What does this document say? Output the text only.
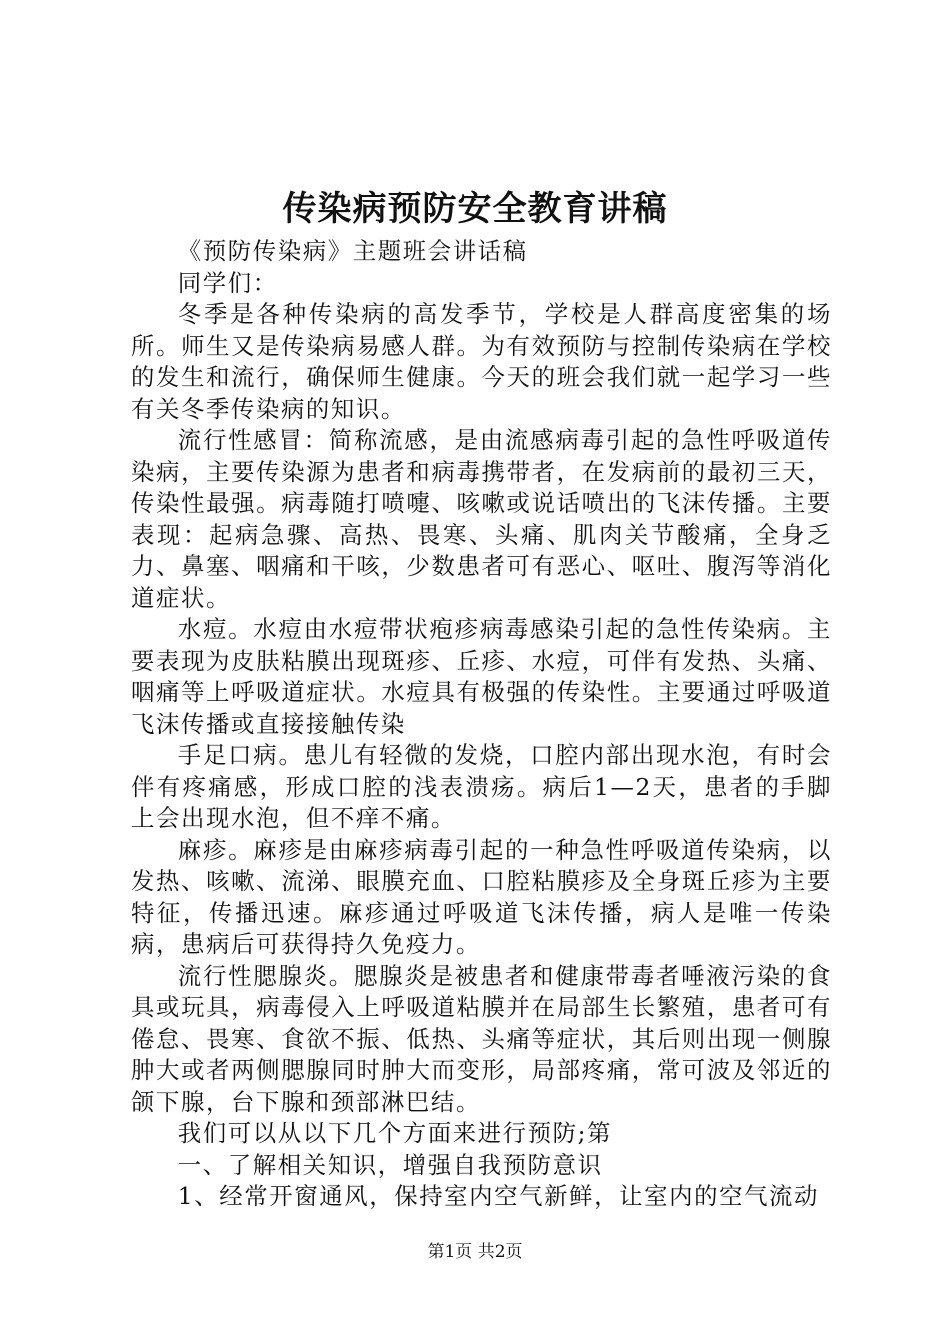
传染病预防安全教育讲稿

《预防传染病》主题班会讲话稿

同学们：

冬季是各种传染病的高发季节，学校是人群高度密集的场所。师生又是传染病易感人群。为有效预防与控制传染病在学校的发生和流行，确保师生健康。今天的班会我们就一起学习一些有关冬季传染病的知识。

流行性感冒：简称流感，是由流感病毒引起的急性呼吸道传染病，主要传染源为患者和病毒携带者，在发病前的最初三天，传染性最强。病毒随打喷嚏、咳嗽或说话喷出的飞沫传播。主要表现：起病急骤、高热、畏寒、头痛、肌肉关节酸痛，全身乏力、鼻塞、咽痛和干咳，少数患者可有恶心、呕吐、腹泻等消化道症状。

水痘。水痘由水痘带状疱疹病毒感染引起的急性传染病。主要表现为皮肤粘膜出现斑疹、丘疹、水痘，可伴有发热、头痛、咽痛等上呼吸道症状。水痘具有极强的传染性。主要通过呼吸道飞沫传播或直接接触传染

手足口病。患儿有轻微的发烧，口腔内部出现水泡，有时会伴有疼痛感，形成口腔的浅表溃疡。病后1—2天，患者的手脚上会出现水泡，但不痒不痛。

麻疹。麻疹是由麻疹病毒引起的一种急性呼吸道传染病，以发热、咳嗽、流涕、眼膜充血、口腔粘膜疹及全身斑丘疹为主要特征，传播迅速。麻疹通过呼吸道飞沫传播，病人是唯一传染病，患病后可获得持久免疫力。

流行性腮腺炎。腮腺炎是被患者和健康带毒者唾液污染的食具或玩具，病毒侵入上呼吸道粘膜并在局部生长繁殖，患者可有倦怠、畏寒、食欲不振、低热、头痛等症状，其后则出现一侧腺肿大或者两侧腮腺同时肿大而变形，局部疼痛，常可波及邻近的颌下腺，台下腺和颈部淋巴结。

我们可以从以下几个方面来进行预防;第

一、了解相关知识，增强自我预防意识

1、经常开窗通风，保持室内空气新鲜，让室内的空气流动

第1页 共2页
